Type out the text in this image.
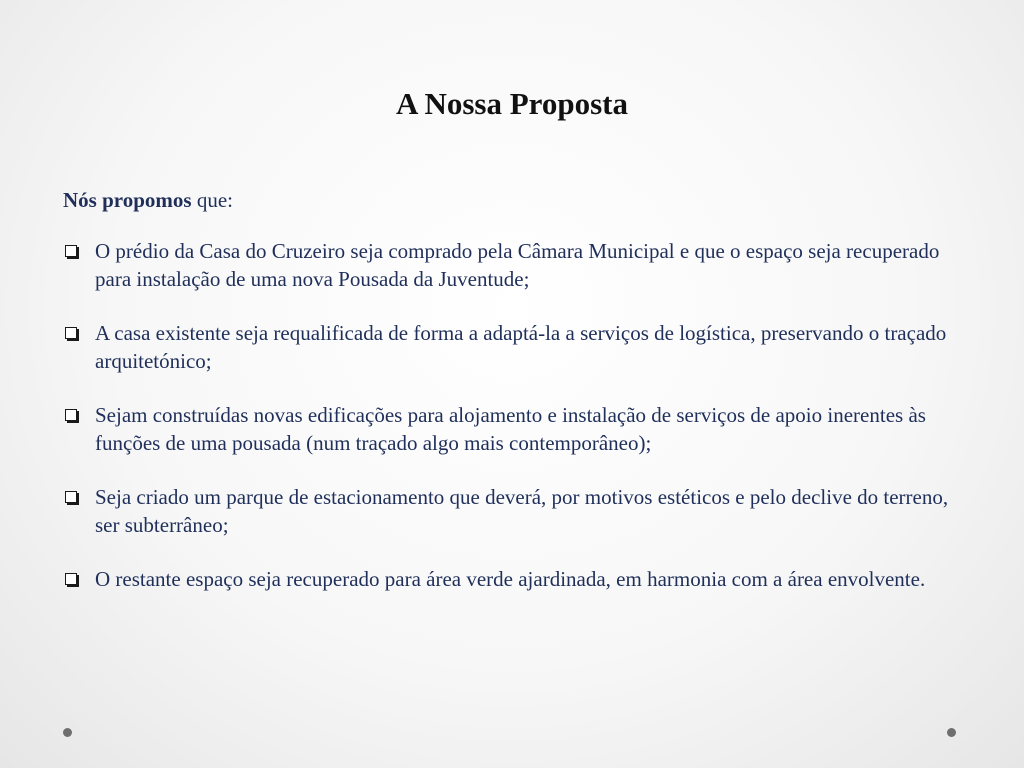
A Nossa Proposta

Nós propomos que:

O prédio da Casa do Cruzeiro seja comprado pela Câmara Municipal e que o espaço seja recuperado para instalação de uma nova Pousada da Juventude;
A casa existente seja requalificada de forma a adaptá-la a serviços de logística, preservando o traçado arquitetónico;
Sejam construídas novas edificações para alojamento e instalação de serviços de apoio inerentes às funções de uma pousada (num traçado algo mais contemporâneo);
Seja criado um parque de estacionamento que deverá, por motivos estéticos e pelo declive do terreno, ser subterrâneo;
O restante espaço seja recuperado para área verde ajardinada, em harmonia com a área envolvente.
